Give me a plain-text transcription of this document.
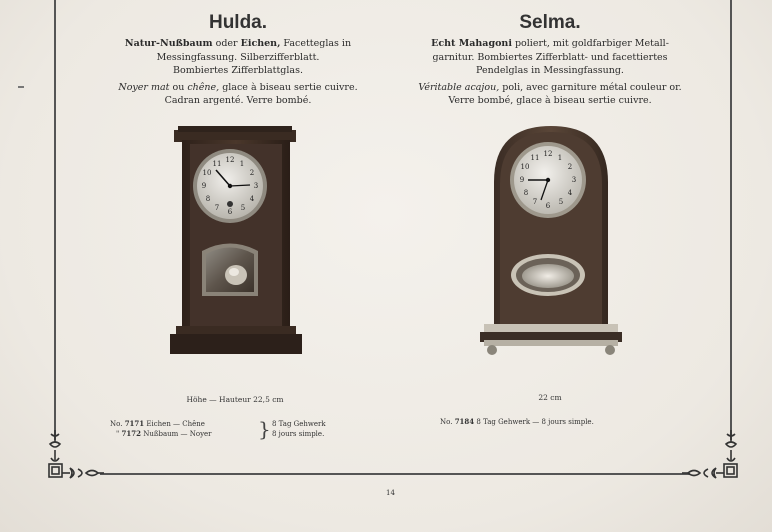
Hulda.

Natur-Nußbaum oder Eichen, Facetteglas in
Messingfassung. Silberzifferblatt.
Bombiertes Zifferblattglas.

Noyer mat ou chêne, glace à biseau sertie cuivre.
Cadran argenté. Verre bombé.

Selma.

Echt Mahagoni poliert, mit goldfarbiger Metall-
garnitur. Bombiertes Zifferblatt- und facettiertes
Pendelglas in Messingfassung.

Véritable acajou, poli, avec garniture métal couleur or.
Verre bombé, glace à biseau sertie cuivre.

12 1
2
3
4
5
6
7
8
9
10
11
12 1
2
3
4
5
6
7
8
9
10
11
Höhe — Hauteur 22,5 cm	22 cm
No. 7171 Eichen — Chêne
" 7172 Nußbaum — Noyer } 8 Tag Gehwerk
8 jours simple.
No. 7184 8 Tag Gehwerk — 8 jours simple.
14
